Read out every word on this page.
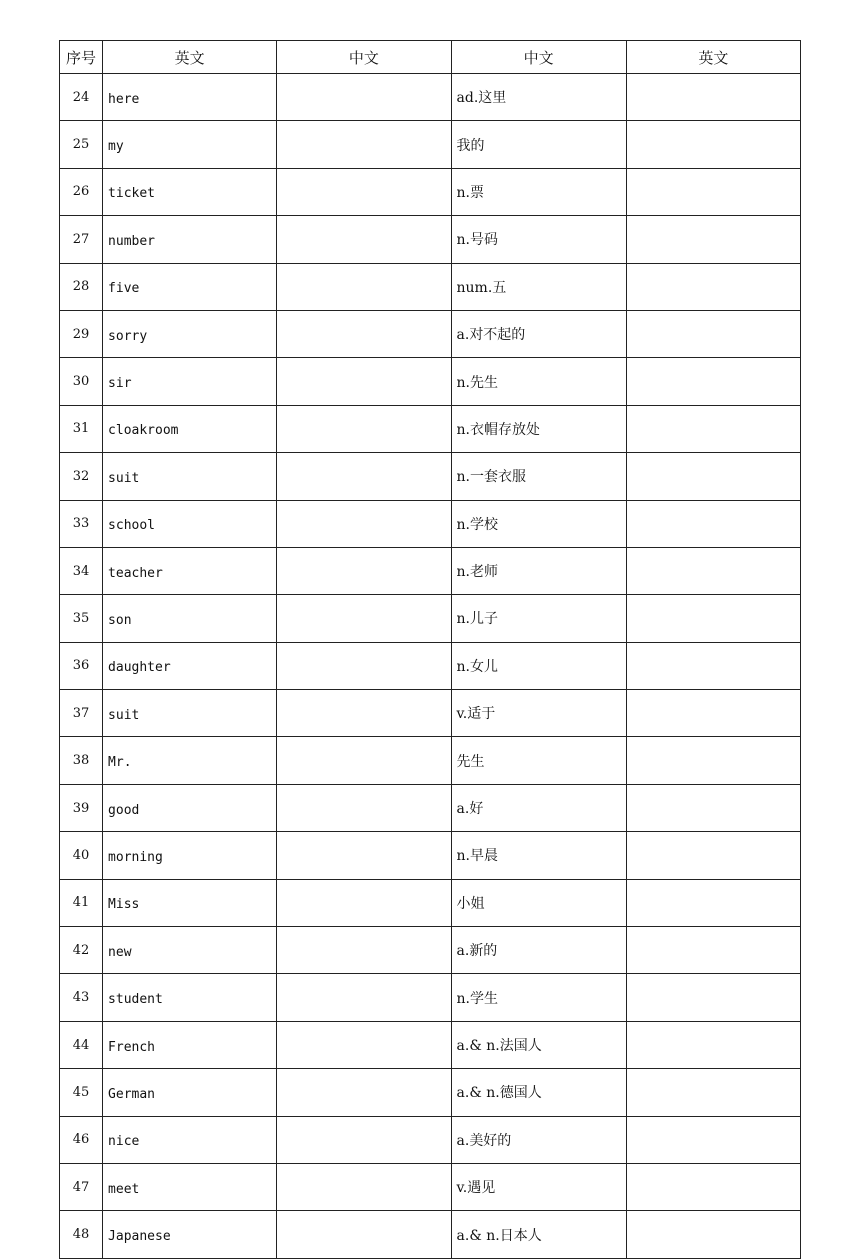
序号	英文	中文	中文	英文
24	here		ad.这里	
25	my		我的	
26	ticket		n.票	
27	number		n.号码	
28	five		num.五	
29	sorry		a.对不起的	
30	sir		n.先生	
31	cloakroom		n.衣帽存放处	
32	suit		n.一套衣服	
33	school		n.学校	
34	teacher		n.老师	
35	son		n.儿子	
36	daughter		n.女儿	
37	suit		v.适于	
38	Mr.		先生	
39	good		a.好	
40	morning		n.早晨	
41	Miss		小姐	
42	new		a.新的	
43	student		n.学生	
44	French		a.& n.法国人	
45	German		a.& n.德国人	
46	nice		a.美好的	
47	meet		v.遇见	
48	Japanese		a.& n.日本人	
